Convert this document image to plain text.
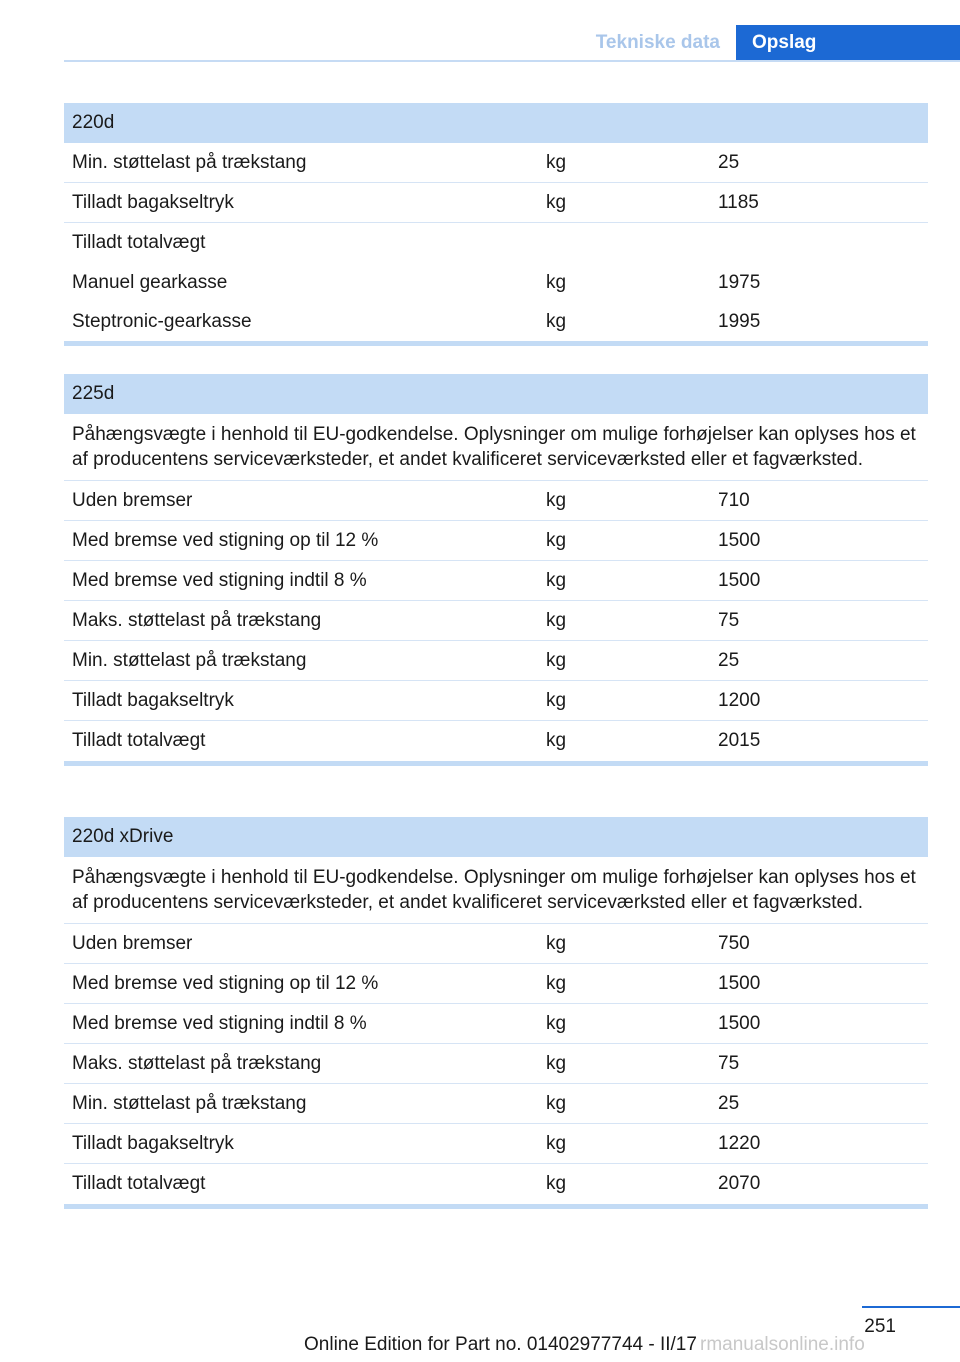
Tekniske data	Opslag
220d
Min. støttelast på trækstang	kg	25
Tilladt bagakseltryk	kg	1185
Tilladt totalvægt
Manuel gearkasse	kg	1975
Steptronic-gearkasse	kg	1995
225d
Påhængsvægte i henhold til EU-godkendelse. Oplysninger om mulige forhøjelser kan oplyses hos et af producentens serviceværksteder, et andet kvalificeret serviceværksted eller et fagværksted.
Uden bremser	kg	710
Med bremse ved stigning op til 12 %	kg	1500
Med bremse ved stigning indtil 8 %	kg	1500
Maks. støttelast på trækstang	kg	75
Min. støttelast på trækstang	kg	25
Tilladt bagakseltryk	kg	1200
Tilladt totalvægt	kg	2015
220d xDrive
Påhængsvægte i henhold til EU-godkendelse. Oplysninger om mulige forhøjelser kan oplyses hos et af producentens serviceværksteder, et andet kvalificeret serviceværksted eller et fagværksted.
Uden bremser	kg	750
Med bremse ved stigning op til 12 %	kg	1500
Med bremse ved stigning indtil 8 %	kg	1500
Maks. støttelast på trækstang	kg	75
Min. støttelast på trækstang	kg	25
Tilladt bagakseltryk	kg	1220
Tilladt totalvægt	kg	2070
251
Online Edition for Part no. 01402977744 - II/17 rmanualsonline.info
